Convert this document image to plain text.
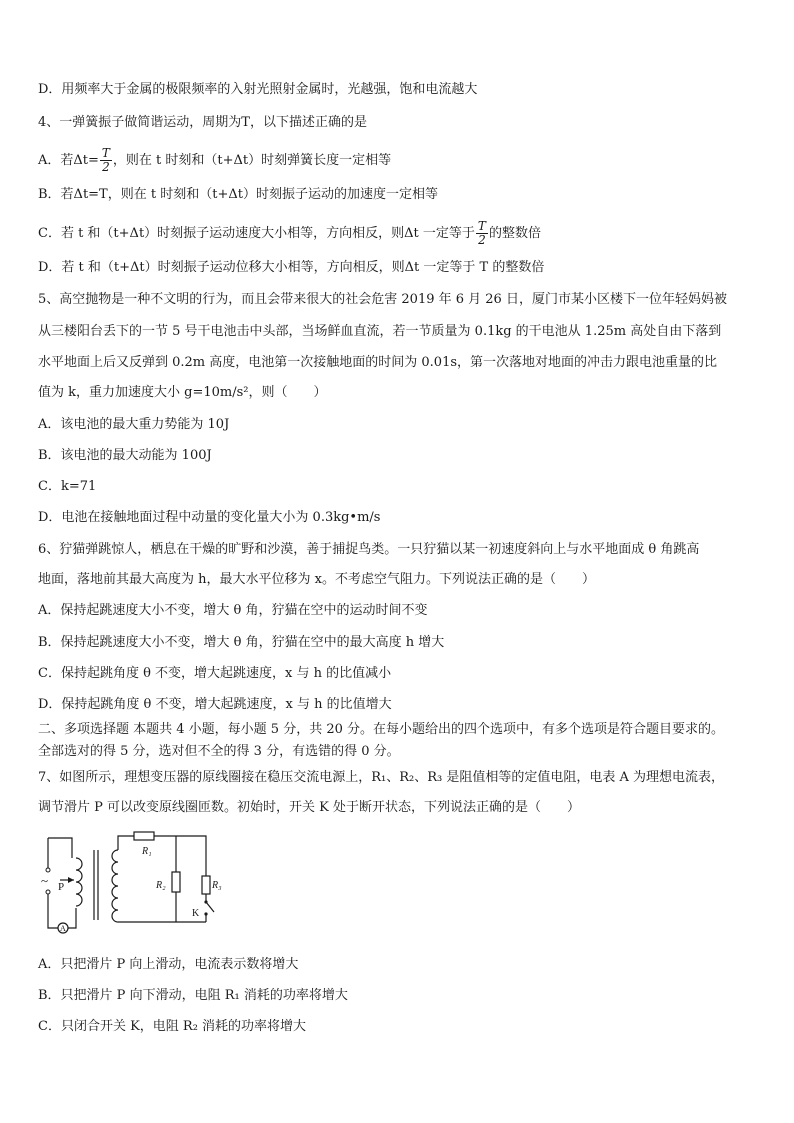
D．用频率大于金属的极限频率的入射光照射金属时，光越强，饱和电流越大
4、一弹簧振子做简谐运动，周期为T，以下描述正确的是
A．若$\Delta t= \frac{T}{2}$ ，则在 t 时刻和（t+Δt）时刻弹簧长度一定相等
B．若Δt=T，则在 t 时刻和（t+Δt）时刻振子运动的加速度一定相等
C．若 t 和（t+Δt）时刻振子运动速度大小相等，方向相反，则Δt 一定等于 $\frac{T}{2}$ 的整数倍
D．若 t 和（t+Δt）时刻振子运动位移大小相等，方向相反，则Δt 一定等于 T 的整数倍
5、高空抛物是一种不文明的行为，而且会带来很大的社会危害 2019 年 6 月 26 日，厦门市某小区楼下一位年轻妈妈被
从三楼阳台丢下的一节 5 号干电池击中头部，当场鲜血直流，若一节质量为 0.1kg 的干电池从 1.25m 高处自由下落到
水平地面上后又反弹到 0.2m 高度，电池第一次接触地面的时间为 0.01s，第一次落地对地面的冲击力跟电池重量的比
值为 k，重力加速度大小 g=10m/s²，则（　　）
A．该电池的最大重力势能为 10J
B．该电池的最大动能为 100J
C．k=71
D．电池在接触地面过程中动量的变化量大小为 0.3kg•m/s
6、狞猫弹跳惊人，栖息在干燥的旷野和沙漠，善于捕捉鸟类。一只狞猫以某一初速度斜向上与水平地面成 θ 角跳高
地面，落地前其最大高度为 h，最大水平位移为 x。不考虑空气阻力。下列说法正确的是（　　）
A．保持起跳速度大小不变，增大 θ 角，狞猫在空中的运动时间不变
B．保持起跳速度大小不变，增大 θ 角，狞猫在空中的最大高度 h 增大
C．保持起跳角度 θ 不变，增大起跳速度，x 与 h 的比值减小
D．保持起跳角度 θ 不变，增大起跳速度，x 与 h 的比值增大
二、多项选择题 本题共 4 小题，每小题 5 分，共 20 分。在每小题给出的四个选项中，有多个选项是符合题目要求的。
全部选对的得 5 分，选对但不全的得 3 分，有选错的得 0 分。
7、如图所示，理想变压器的原线圈接在稳压交流电源上，R₁、R₂、R₃ 是阻值相等的定值电阻，电表 A 为理想电流表，
调节滑片 P 可以改变原线圈匝数。初始时，开关 K 处于断开状态，下列说法正确的是（　　）
~ P
A
R₁
R₂	R₃
K
A．只把滑片 P 向上滑动，电流表示数将增大
B．只把滑片 P 向下滑动，电阻 R₁ 消耗的功率将增大
C．只闭合开关 K，电阻 R₂ 消耗的功率将增大
